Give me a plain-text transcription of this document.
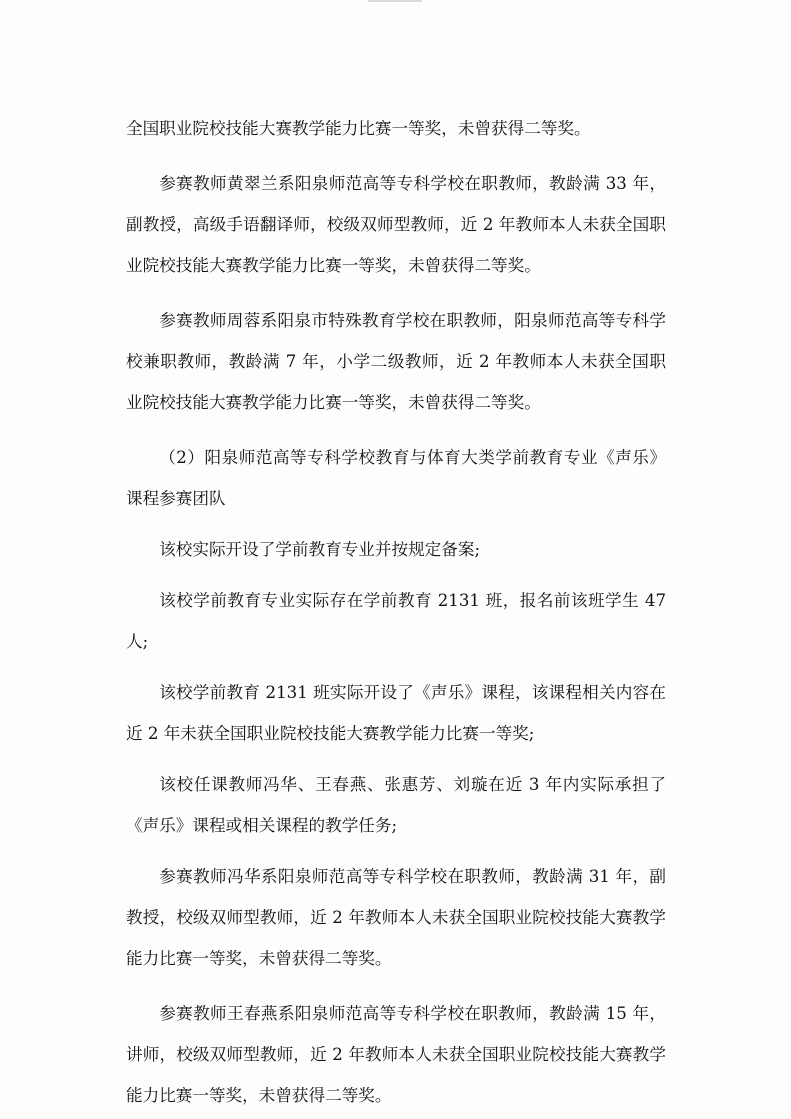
全国职业院校技能大赛教学能力比赛一等奖，未曾获得二等奖。

参赛教师黄翠兰系阳泉师范高等专科学校在职教师，教龄满 33 年，副教授，高级手语翻译师，校级双师型教师，近 2 年教师本人未获全国职业院校技能大赛教学能力比赛一等奖，未曾获得二等奖。

参赛教师周蓉系阳泉市特殊教育学校在职教师，阳泉师范高等专科学校兼职教师，教龄满 7 年，小学二级教师，近 2 年教师本人未获全国职业院校技能大赛教学能力比赛一等奖，未曾获得二等奖。

（2）阳泉师范高等专科学校教育与体育大类学前教育专业《声乐》课程参赛团队

该校实际开设了学前教育专业并按规定备案;

该校学前教育专业实际存在学前教育 2131 班，报名前该班学生 47 人;

该校学前教育 2131 班实际开设了《声乐》课程，该课程相关内容在近 2 年未获全国职业院校技能大赛教学能力比赛一等奖;

该校任课教师冯华、王春燕、张惠芳、刘璇在近 3 年内实际承担了《声乐》课程或相关课程的教学任务;

参赛教师冯华系阳泉师范高等专科学校在职教师，教龄满 31 年，副教授，校级双师型教师，近 2 年教师本人未获全国职业院校技能大赛教学能力比赛一等奖，未曾获得二等奖。

参赛教师王春燕系阳泉师范高等专科学校在职教师，教龄满 15 年，讲师，校级双师型教师，近 2 年教师本人未获全国职业院校技能大赛教学能力比赛一等奖，未曾获得二等奖。
